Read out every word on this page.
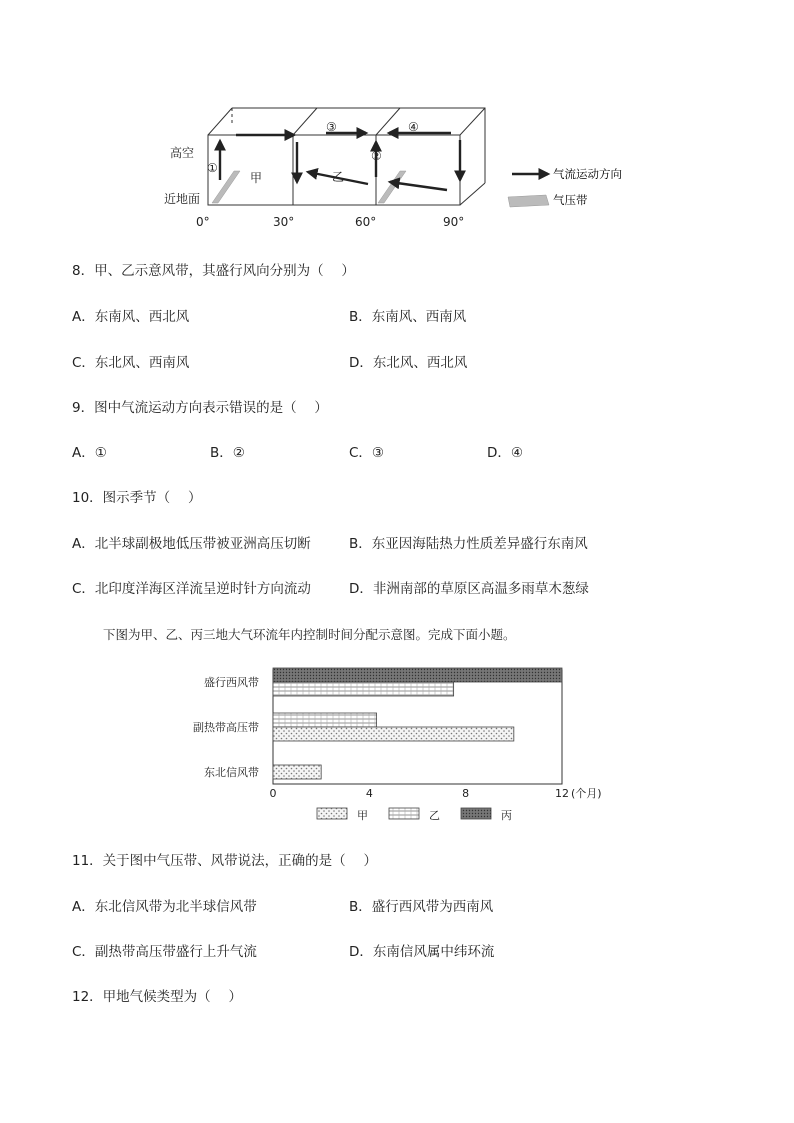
高空
近地面
①
③
②
④
甲	乙
0°	30°	60°	90°
气流运动方向
气压带
8．甲、乙示意风带，其盛行风向分别为（　 ）
A．东南风、西北风	B．东南风、西南风
C．东北风、西南风	D．东北风、西北风
9．图中气流运动方向表示错误的是（　 ）
A．①	B．②	C．③	D．④
10．图示季节（　 ）
A．北半球副极地低压带被亚洲高压切断	B．东亚因海陆热力性质差异盛行东南风
C．北印度洋海区洋流呈逆时针方向流动	D．非洲南部的草原区高温多雨草木葱绿
下图为甲、乙、丙三地大气环流年内控制时间分配示意图。完成下面小题。
盛行西风带
副热带高压带
东北信风带
0	4	8	12 (个月)
甲	乙	丙
11．关于图中气压带、风带说法，正确的是（　 ）
A．东北信风带为北半球信风带	B．盛行西风带为西南风
C．副热带高压带盛行上升气流	D．东南信风属中纬环流
12．甲地气候类型为（　 ）
